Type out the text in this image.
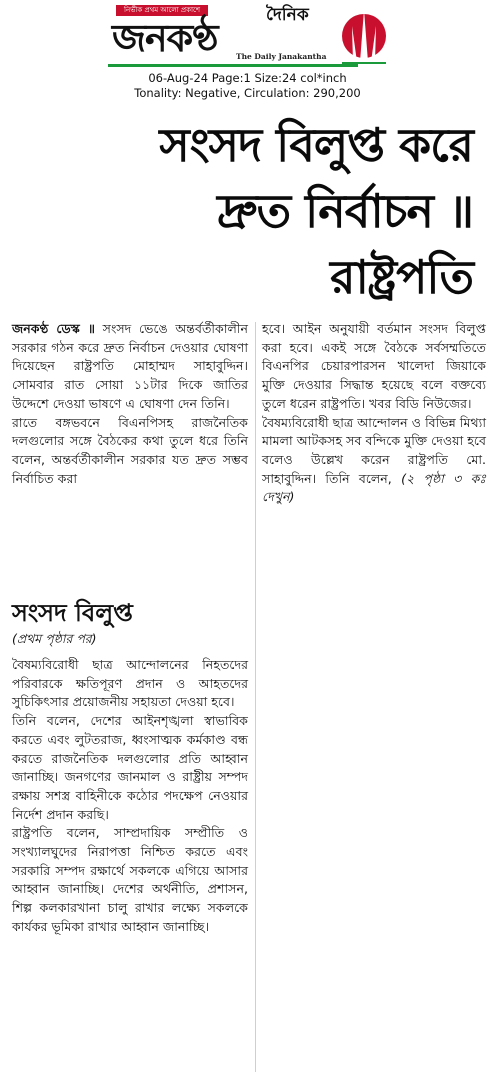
নির্ভীক প্রথম আলো প্রকাশে	দৈনিক
জনকণ্ঠ The Daily Janakantha
06-Aug-24 Page:1 Size:24 col*inch
Tonality: Negative, Circulation: 290,200
সংসদ বিলুপ্ত করে
দ্রুত নির্বাচন ॥
রাষ্ট্রপতি

জনকণ্ঠ ডেস্ক ॥ সংসদ ভেঙে অন্তর্বর্তীকালীন সরকার গঠন করে দ্রুত নির্বাচন দেওয়ার ঘোষণা দিয়েছেন রাষ্ট্রপতি মোহাম্মদ সাহাবুদ্দিন। সোমবার রাত সোয়া ১১টার দিকে জাতির উদ্দেশে দেওয়া ভাষণে এ ঘোষণা দেন তিনি।

রাতে বঙ্গভবনে বিএনপিসহ রাজনৈতিক দলগুলোর সঙ্গে বৈঠকের কথা তুলে ধরে তিনি বলেন, অন্তর্বর্তীকালীন সরকার যত দ্রুত সম্ভব নির্বাচিত করা

হবে। আইন অনুযায়ী বর্তমান সংসদ বিলুপ্ত করা হবে। একই সঙ্গে বৈঠকে সর্বসম্মতিতে বিএনপির চেয়ারপারসন খালেদা জিয়াকে মুক্তি দেওয়ার সিদ্ধান্ত হয়েছে বলে বক্তব্যে তুলে ধরেন রাষ্ট্রপতি। খবর বিডি নিউজের।

বৈষম্যবিরোধী ছাত্র আন্দোলন ও বিভিন্ন মিথ্যা মামলা আটকসহ সব বন্দিকে মুক্তি দেওয়া হবে বলেও উল্লেখ করেন রাষ্ট্রপতি মো. সাহাবুদ্দিন। তিনি বলেন, (২ পৃষ্ঠা ৩ কঃ দেখুন)

সংসদ বিলুপ্ত
(প্রথম পৃষ্ঠার পর)

বৈষম্যবিরোধী ছাত্র আন্দোলনের নিহতদের পরিবারকে ক্ষতিপূরণ প্রদান ও আহতদের সুচিকিৎসার প্রয়োজনীয় সহায়তা দেওয়া হবে।

তিনি বলেন, দেশের আইনশৃঙ্খলা স্বাভাবিক করতে এবং লুটতরাজ, ধ্বংসাত্মক কর্মকাণ্ড বন্ধ করতে রাজনৈতিক দলগুলোর প্রতি আহ্বান জানাচ্ছি। জনগণের জানমাল ও রাষ্ট্রীয় সম্পদ রক্ষায় সশস্ত্র বাহিনীকে কঠোর পদক্ষেপ নেওয়ার নির্দেশ প্রদান করছি।

রাষ্ট্রপতি বলেন, সাম্প্রদায়িক সম্প্রীতি ও সংখ্যালঘুদের নিরাপত্তা নিশ্চিত করতে এবং সরকারি সম্পদ রক্ষার্থে সকলকে এগিয়ে আসার আহ্বান জানাচ্ছি। দেশের অর্থনীতি, প্রশাসন, শিল্প কলকারখানা চালু রাখার লক্ষ্যে সকলকে কার্যকর ভূমিকা রাখার আহ্বান জানাচ্ছি।
